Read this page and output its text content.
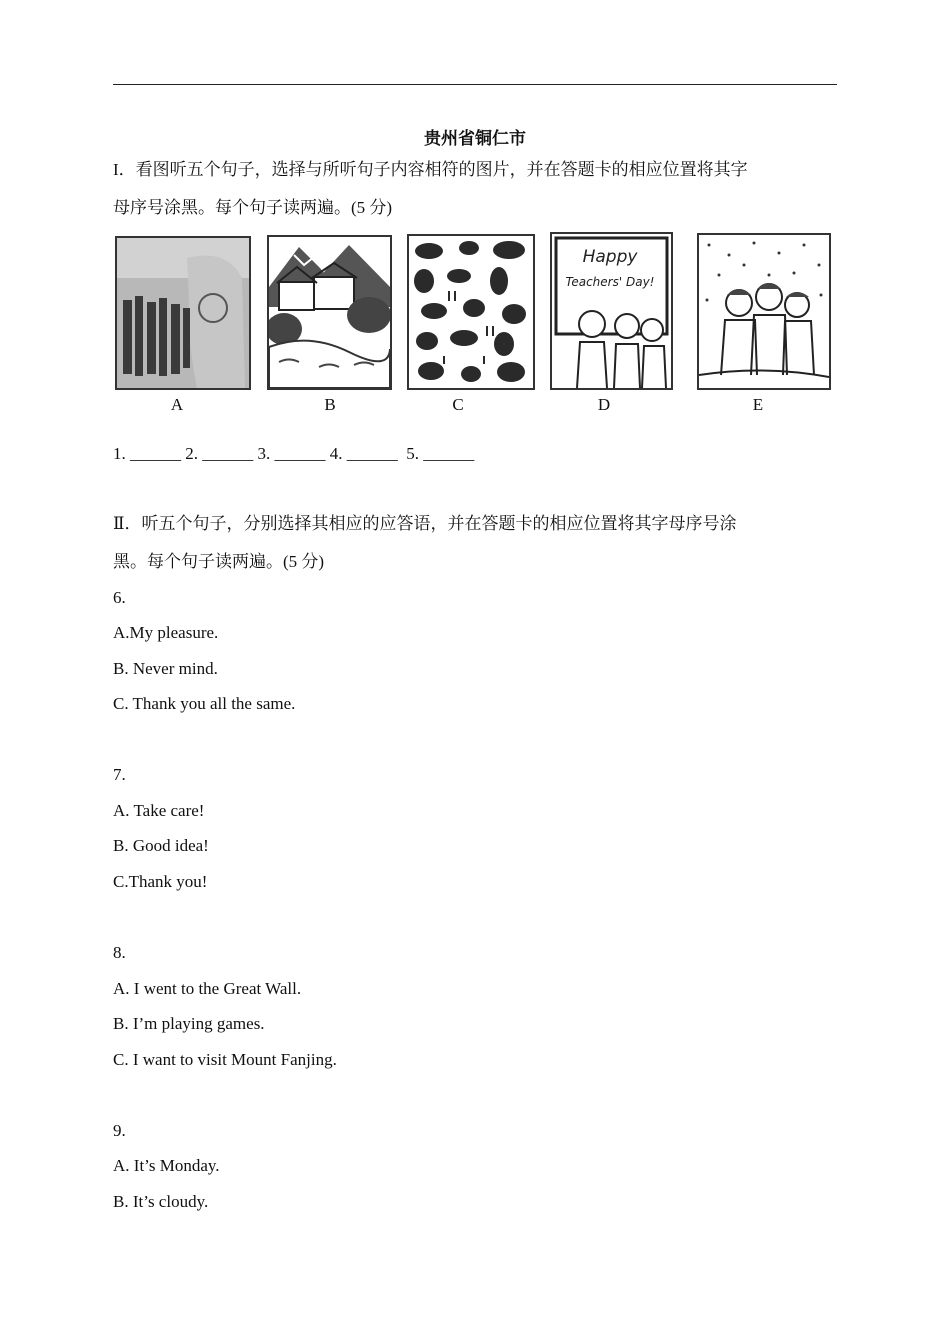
贵州省铜仁市
I．看图听五个句子，选择与所听句子内容相符的图片，并在答题卡的相应位置将其字
母序号涂黑。每个句子读两遍。(5 分)
A	B	C
Happy
Teachers' Day!
D	E
1. ______ 2. ______ 3. ______ 4. ______  5. ______
Ⅱ．听五个句子，分别选择其相应的应答语，并在答题卡的相应位置将其字母序号涂
黑。每个句子读两遍。(5 分)
6.
A.My pleasure.
B. Never mind.
C. Thank you all the same.
7.
A. Take care!
B. Good idea!
C.Thank you!
8.
A. I went to the Great Wall.
B. I’m playing games.
C. I want to visit Mount Fanjing.
9.
A. It’s Monday.
B. It’s cloudy.
